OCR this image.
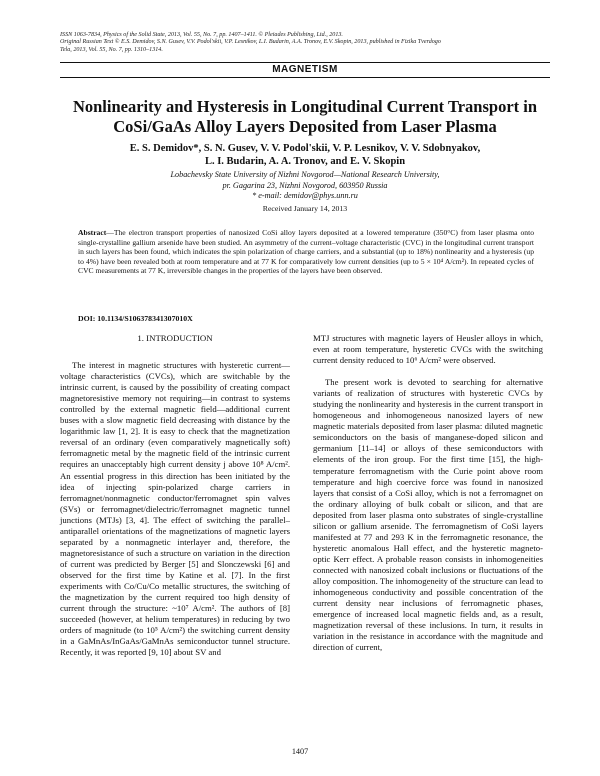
ISSN 1063-7834, Physics of the Solid State, 2013, Vol. 55, No. 7, pp. 1407–1411. © Pleiades Publishing, Ltd., 2013.
Original Russian Text © E.S. Demidov, S.N. Gusev, V.V. Podol'skii, V.P. Lesnikov, L.I. Budarin, A.A. Tronov, E.V. Skopin, 2013, published in Fizika Tverdogo
Tela, 2013, Vol. 55, No. 7, pp. 1310–1314.
MAGNETISM
Nonlinearity and Hysteresis in Longitudinal Current Transport in CoSi/GaAs Alloy Layers Deposited from Laser Plasma
E. S. Demidov*, S. N. Gusev, V. V. Podol'skii, V. P. Lesnikov, V. V. Sdobnyakov,
L. I. Budarin, A. A. Tronov, and E. V. Skopin
Lobachevsky State University of Nizhni Novgorod—National Research University,
pr. Gagarina 23, Nizhni Novgorod, 603950 Russia
* e-mail: demidov@phys.unn.ru
Received January 14, 2013
Abstract—The electron transport properties of nanosized CoSi alloy layers deposited at a lowered temperature (350°C) from laser plasma onto single-crystalline gallium arsenide have been studied. An asymmetry of the current–voltage characteristic (CVC) in the longitudinal current transport in such layers has been found, which indicates the spin polarization of charge carriers, and a substantial (up to 18%) nonlinearity and a hysteresis (up to 4%) have been revealed both at room temperature and at 77 K for comparatively low current densities (up to 5 × 10⁴ A/cm²). In repeated cycles of CVC measurements at 77 K, irreversible changes in the properties of the layers have been observed.
DOI: 10.1134/S106378341307010X

1. INTRODUCTION

The interest in magnetic structures with hysteretic current—voltage characteristics (CVCs), which are switchable by the intrinsic current, is caused by the possibility of creating compact magnetoresistive memory not requiring—in contrast to systems controlled by the external magnetic field—additional current buses with a slow magnetic field decreasing with distance by the logarithmic law [1, 2]. It is easy to check that the magnetization reversal of an ordinary (even comparatively magnetically soft) ferromagnetic metal by the magnetic field of the intrinsic current requires an unacceptably high current density j above 10⁸ A/cm². An essential progress in this direction has been initiated by the idea of injecting spin-polarized charge carriers in ferromagnet/nonmagnetic conductor/ferromagnet spin valves (SVs) or ferromagnet/dielectric/ferromagnet magnetic tunnel junctions (MTJs) [3, 4]. The effect of switching the parallel–antiparallel orientations of the magnetizations of magnetic layers separated by a nonmagnetic interlayer and, therefore, the magnetoresistance of such a structure on variation in the direction of current was predicted by Berger [5] and Slonczewski [6] and observed for the first time by Katine et al. [7]. In the first experiments with Co/Cu/Co metallic structures, the switching of the magnetization by the current required too high density of current through the structure: ~10⁷ A/cm². The authors of [8] succeeded (however, at helium temperatures) in reducing by two orders of magnitude (to 10⁵ A/cm²) the switching current density in a GaMnAs/InGaAs/GaMnAs semiconductor tunnel structure. Recently, it was reported [9, 10] about SV and

MTJ structures with magnetic layers of Heusler alloys in which, even at room temperature, hysteretic CVCs with the switching current density reduced to 10⁶ A/cm² were observed.

The present work is devoted to searching for alternative variants of realization of structures with hysteretic CVCs by studying the nonlinearity and hysteresis in the current transport in homogeneous and inhomogeneous nanosized layers of new magnetic materials deposited from laser plasma: diluted magnetic semiconductors on the basis of manganese-doped silicon and germanium [11–14] or alloys of these semiconductors with elements of the iron group. For the first time [15], the high-temperature ferromagnetism with the Curie point above room temperature and high coercive force was found in nanosized layers that consist of a CoSi alloy, which is not a ferromagnet on the ordinary alloying of bulk cobalt or silicon, and that are deposited from laser plasma onto substrates of single-crystalline silicon or gallium arsenide. The ferromagnetism of CoSi layers manifested at 77 and 293 K in the ferromagnetic resonance, the hysteretic anomalous Hall effect, and the hysteretic magneto-optic Kerr effect. A probable reason consists in inhomogeneities connected with nanosized cobalt inclusions or fluctuations of the alloy composition. The inhomogeneity of the structure can lead to inhomogeneous conductivity and possible concentration of the current density near inclusions of ferromagnetic phases, emergence of increased local magnetic fields and, as a result, magnetization reversal of these inclusions. In turn, it results in variation in the resistance in accordance with the magnitude and direction of current,

1407
